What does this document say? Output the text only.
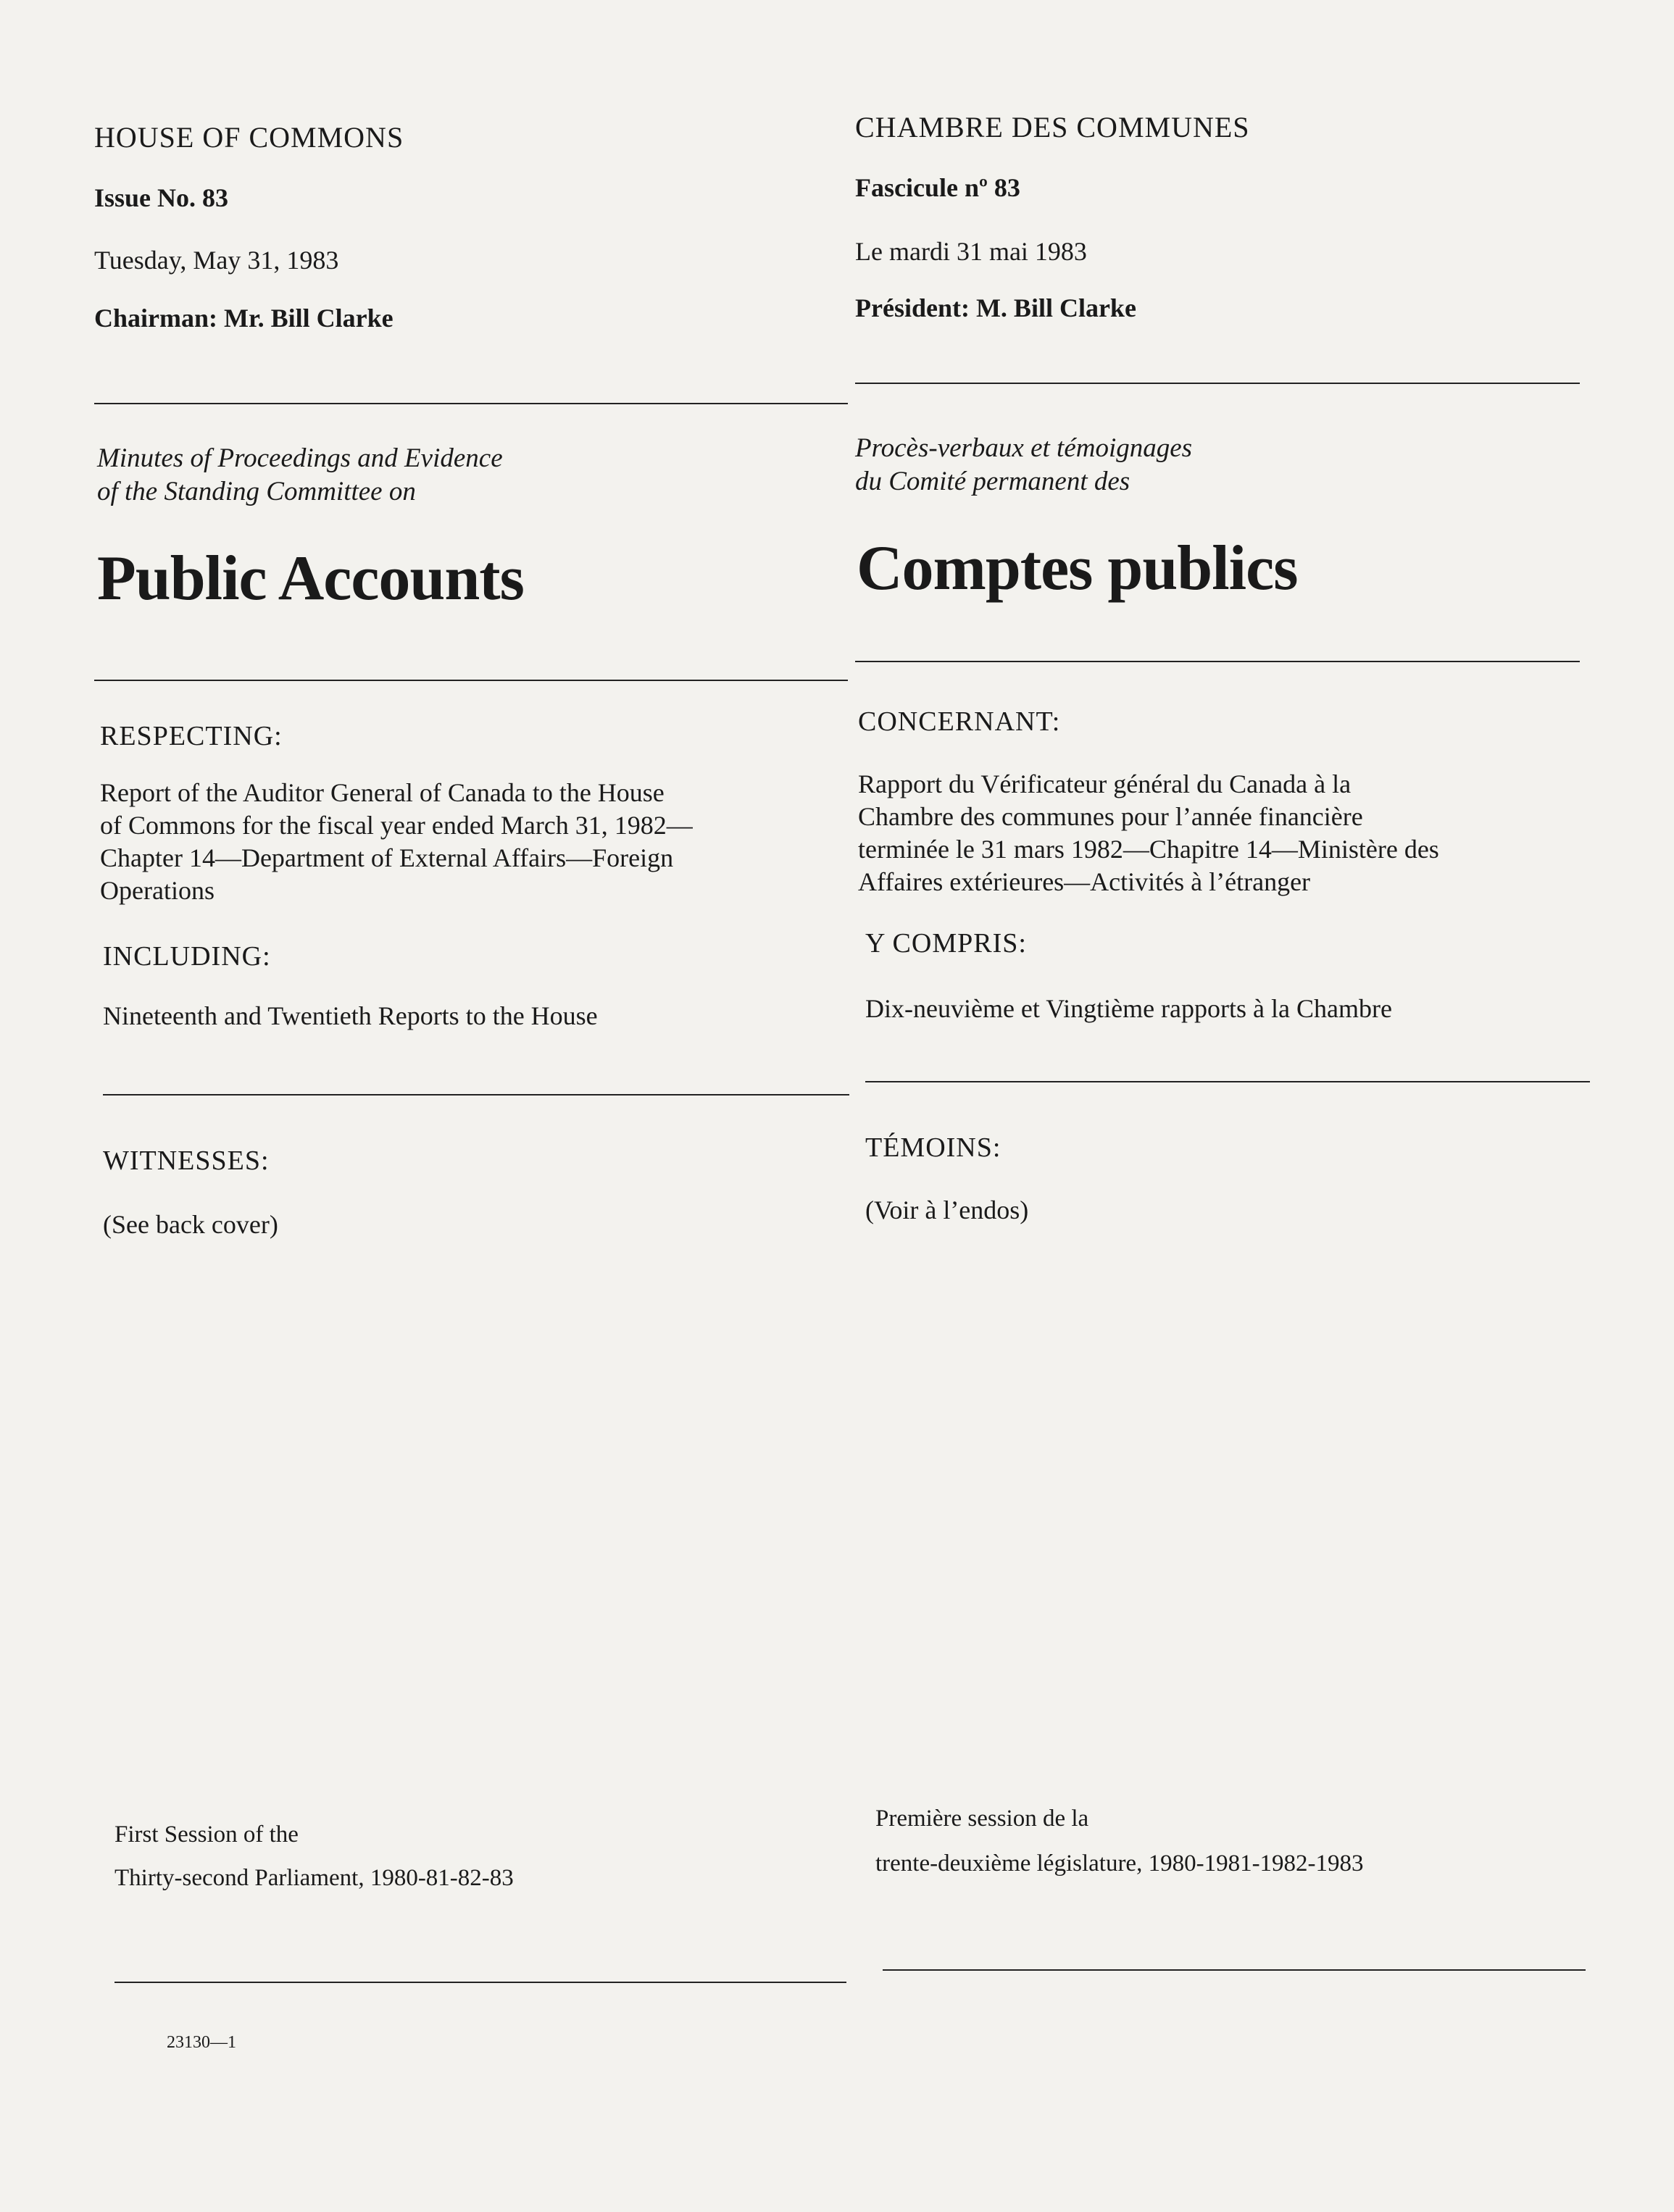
HOUSE OF COMMONS
Issue No. 83
Tuesday, May 31, 1983
Chairman: Mr. Bill Clarke
Minutes of Proceedings and Evidence
of the Standing Committee on
Public Accounts
RESPECTING:
Report of the Auditor General of Canada to the House
of Commons for the fiscal year ended March 31, 1982—
Chapter 14—Department of External Affairs—Foreign
Operations
INCLUDING:
Nineteenth and Twentieth Reports to the House
WITNESSES:
(See back cover)
First Session of the
Thirty-second Parliament, 1980-81-82-83
23130—1
CHAMBRE DES COMMUNES
Fascicule nº 83
Le mardi 31 mai 1983
Président: M. Bill Clarke
Procès-verbaux et témoignages
du Comité permanent des
Comptes publics
CONCERNANT:
Rapport du Vérificateur général du Canada à la
Chambre des communes pour l’année financière
terminée le 31 mars 1982—Chapitre 14—Ministère des
Affaires extérieures—Activités à l’étranger
Y COMPRIS:
Dix-neuvième et Vingtième rapports à la Chambre
TÉMOINS:
(Voir à l’endos)
Première session de la
trente-deuxième législature, 1980-1981-1982-1983
